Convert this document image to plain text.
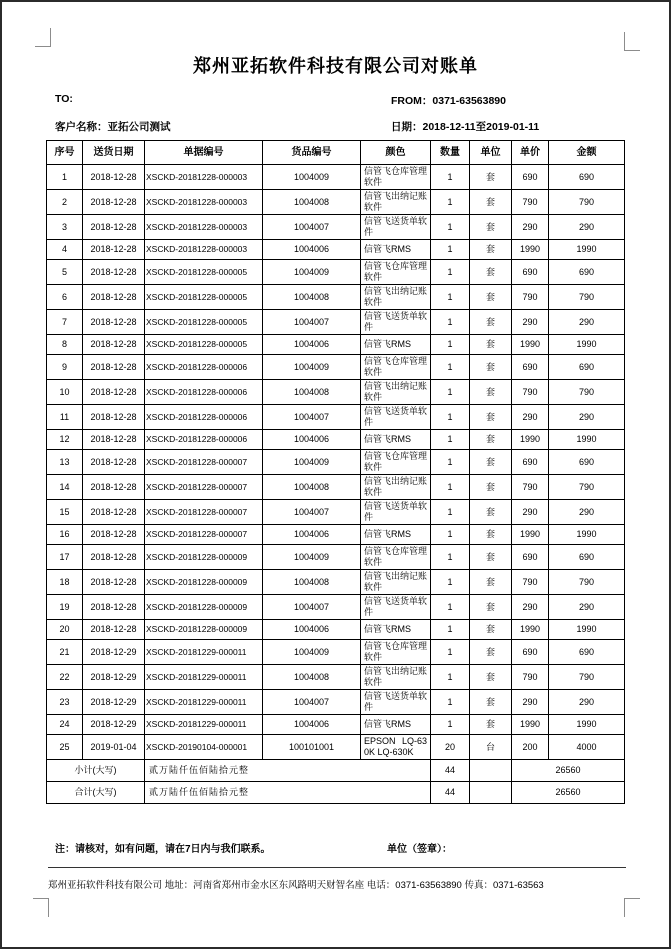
郑州亚拓软件科技有限公司对账单
TO:	FROM：0371-63563890
客户名称：亚拓公司测试	日期：2018-12-11至2019-01-11
序号	送货日期	单据编号	货品编号	颜色	数量	单位	单价	金额
1	2018-12-28	XSCKD-20181228-000003	1004009	信管飞仓库管理软件	1	套	690	690
2	2018-12-28	XSCKD-20181228-000003	1004008	信管飞出纳记账软件	1	套	790	790
3	2018-12-28	XSCKD-20181228-000003	1004007	信管飞送货单软件	1	套	290	290
4	2018-12-28	XSCKD-20181228-000003	1004006	信管飞RMS	1	套	1990	1990
5	2018-12-28	XSCKD-20181228-000005	1004009	信管飞仓库管理软件	1	套	690	690
6	2018-12-28	XSCKD-20181228-000005	1004008	信管飞出纳记账软件	1	套	790	790
7	2018-12-28	XSCKD-20181228-000005	1004007	信管飞送货单软件	1	套	290	290
8	2018-12-28	XSCKD-20181228-000005	1004006	信管飞RMS	1	套	1990	1990
9	2018-12-28	XSCKD-20181228-000006	1004009	信管飞仓库管理软件	1	套	690	690
10	2018-12-28	XSCKD-20181228-000006	1004008	信管飞出纳记账软件	1	套	790	790
11	2018-12-28	XSCKD-20181228-000006	1004007	信管飞送货单软件	1	套	290	290
12	2018-12-28	XSCKD-20181228-000006	1004006	信管飞RMS	1	套	1990	1990
13	2018-12-28	XSCKD-20181228-000007	1004009	信管飞仓库管理软件	1	套	690	690
14	2018-12-28	XSCKD-20181228-000007	1004008	信管飞出纳记账软件	1	套	790	790
15	2018-12-28	XSCKD-20181228-000007	1004007	信管飞送货单软件	1	套	290	290
16	2018-12-28	XSCKD-20181228-000007	1004006	信管飞RMS	1	套	1990	1990
17	2018-12-28	XSCKD-20181228-000009	1004009	信管飞仓库管理软件	1	套	690	690
18	2018-12-28	XSCKD-20181228-000009	1004008	信管飞出纳记账软件	1	套	790	790
19	2018-12-28	XSCKD-20181228-000009	1004007	信管飞送货单软件	1	套	290	290
20	2018-12-28	XSCKD-20181228-000009	1004006	信管飞RMS	1	套	1990	1990
21	2018-12-29	XSCKD-20181229-000011	1004009	信管飞仓库管理软件	1	套	690	690
22	2018-12-29	XSCKD-20181229-000011	1004008	信管飞出纳记账软件	1	套	790	790
23	2018-12-29	XSCKD-20181229-000011	1004007	信管飞送货单软件	1	套	290	290
24	2018-12-29	XSCKD-20181229-000011	1004006	信管飞RMS	1	套	1990	1990
25	2019-01-04	XSCKD-20190104-000001	100101001	EPSON LQ-630K LQ-630K	20	台	200	4000
小计(大写)		贰万陆仟伍佰陆拾元整			44		26560	
合计(大写)		贰万陆仟伍佰陆拾元整			44		26560	
注：请核对，如有问题，请在7日内与我们联系。	单位（签章）：
郑州亚拓软件科技有限公司 地址：河南省郑州市金水区东风路明天财智名座 电话：0371-63563890 传真：0371-63563
